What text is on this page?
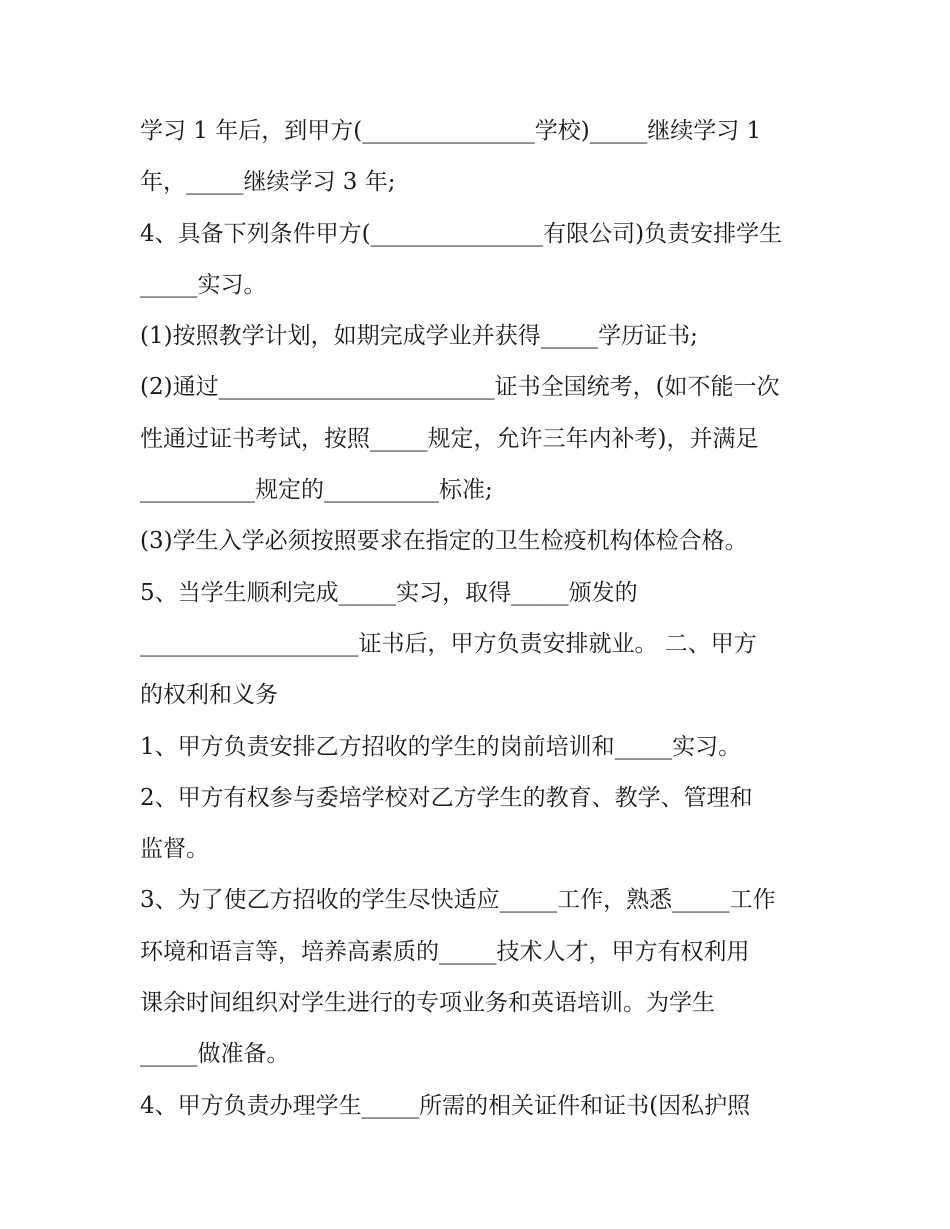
学习 1 年后，到甲方(_______________学校)_____继续学习 1
年，_____继续学习 3 年;
4、具备下列条件甲方(_______________有限公司)负责安排学生
_____实习。
(1)按照教学计划，如期完成学业并获得_____学历证书;
(2)通过________________________证书全国统考，(如不能一次
性通过证书考试，按照_____规定，允许三年内补考)，并满足
__________规定的__________标准;
(3)学生入学必须按照要求在指定的卫生检疫机构体检合格。
5、当学生顺利完成_____实习，取得_____颁发的
___________________证书后，甲方负责安排就业。 二、甲方
的权利和义务
1、甲方负责安排乙方招收的学生的岗前培训和_____实习。
2、甲方有权参与委培学校对乙方学生的教育、教学、管理和
监督。
3、为了使乙方招收的学生尽快适应_____工作，熟悉_____工作
环境和语言等，培养高素质的_____技术人才，甲方有权利用
课余时间组织对学生进行的专项业务和英语培训。为学生
_____做准备。
4、甲方负责办理学生_____所需的相关证件和证书(因私护照
